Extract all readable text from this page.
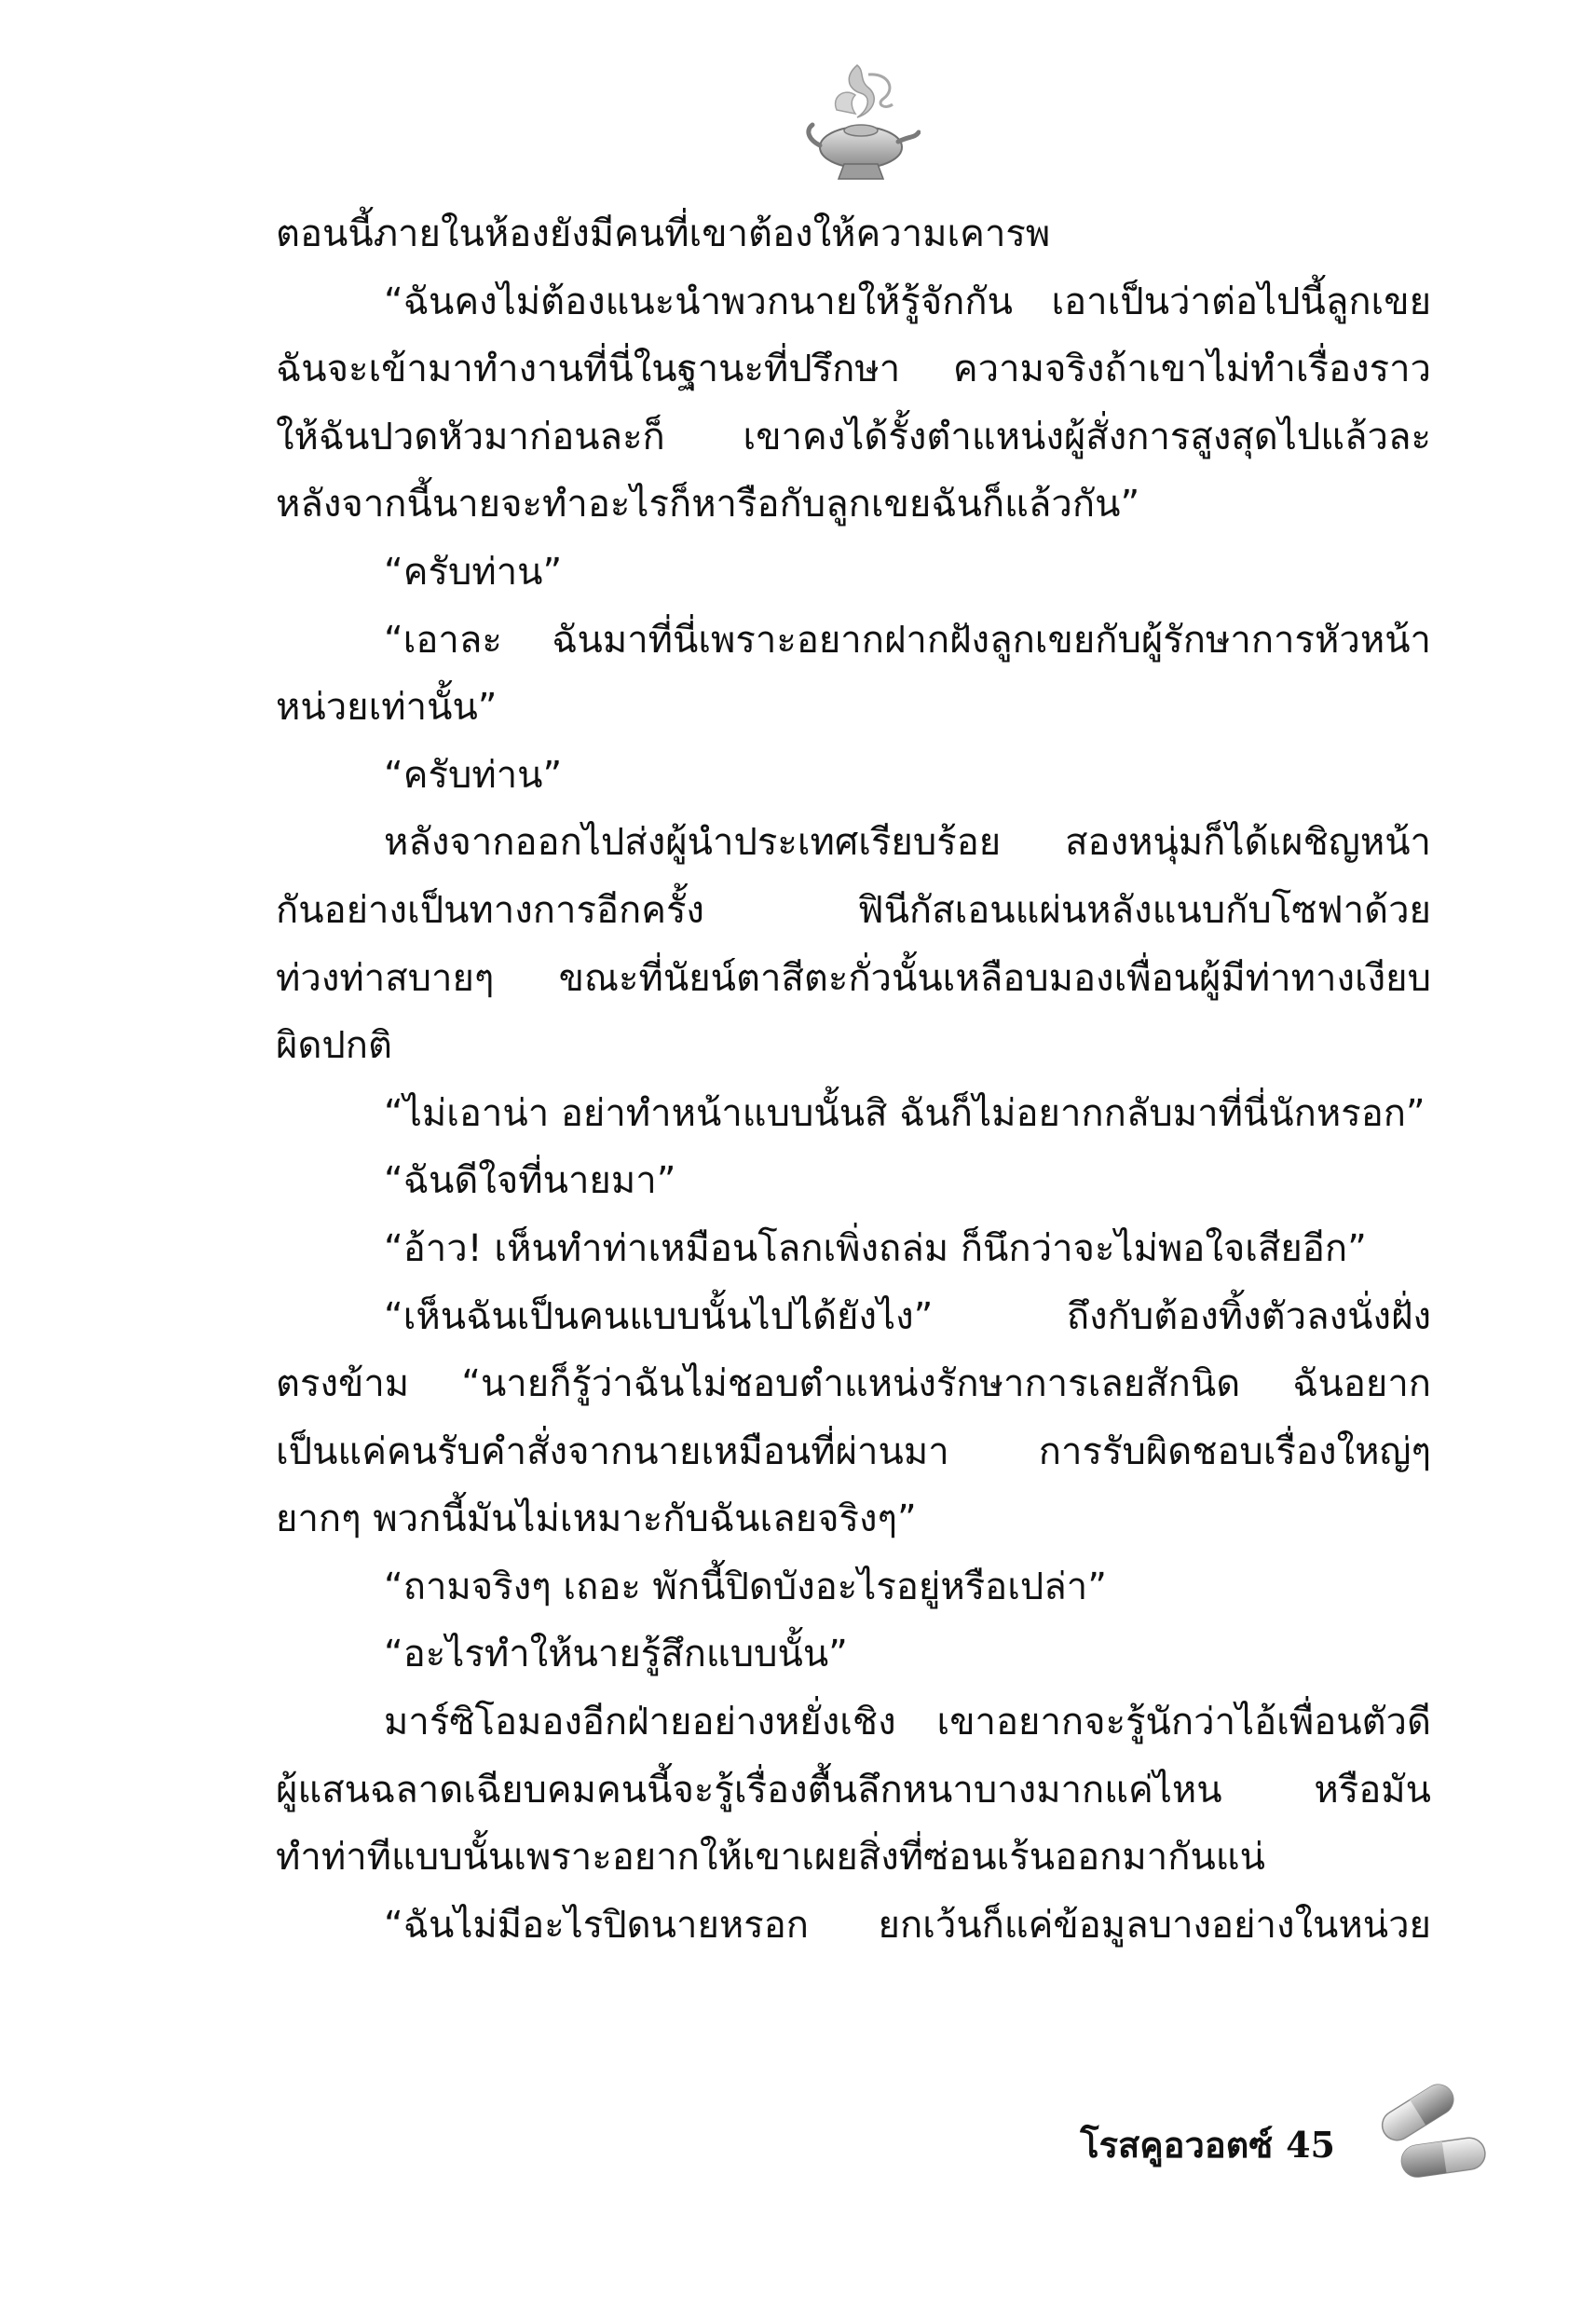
ตอนนี้ภายในห้องยังมีคนที่เขาต้องให้ความเคารพ
“ฉันคงไม่ต้องแนะนำพวกนายให้รู้จักกัน เอาเป็นว่าต่อไปนี้ลูกเขย
ฉันจะเข้ามาทำงานที่นี่ในฐานะที่ปรึกษา ความจริงถ้าเขาไม่ทำเรื่องราว
ให้ฉันปวดหัวมาก่อนละก็ เขาคงได้รั้งตำแหน่งผู้สั่งการสูงสุดไปแล้วละ
หลังจากนี้นายจะทำอะไรก็หารือกับลูกเขยฉันก็แล้วกัน”
“ครับท่าน”
“เอาละ ฉันมาที่นี่เพราะอยากฝากฝังลูกเขยกับผู้รักษาการหัวหน้า
หน่วยเท่านั้น”
“ครับท่าน”
หลังจากออกไปส่งผู้นำประเทศเรียบร้อย สองหนุ่มก็ได้เผชิญหน้า
กันอย่างเป็นทางการอีกครั้ง ฟินีกัสเอนแผ่นหลังแนบกับโซฟาด้วย
ท่วงท่าสบายๆ ขณะที่นัยน์ตาสีตะกั่วนั้นเหลือบมองเพื่อนผู้มีท่าทางเงียบ
ผิดปกติ
“ไม่เอาน่า อย่าทำหน้าแบบนั้นสิ ฉันก็ไม่อยากกลับมาที่นี่นักหรอก”
“ฉันดีใจที่นายมา”
“อ้าว! เห็นทำท่าเหมือนโลกเพิ่งถล่ม ก็นึกว่าจะไม่พอใจเสียอีก”
“เห็นฉันเป็นคนแบบนั้นไปได้ยังไง” ถึงกับต้องทิ้งตัวลงนั่งฝั่ง
ตรงข้าม “นายก็รู้ว่าฉันไม่ชอบตำแหน่งรักษาการเลยสักนิด ฉันอยาก
เป็นแค่คนรับคำสั่งจากนายเหมือนที่ผ่านมา การรับผิดชอบเรื่องใหญ่ๆ
ยากๆ พวกนี้มันไม่เหมาะกับฉันเลยจริงๆ”
“ถามจริงๆ เถอะ พักนี้ปิดบังอะไรอยู่หรือเปล่า”
“อะไรทำให้นายรู้สึกแบบนั้น”
มาร์ซิโอมองอีกฝ่ายอย่างหยั่งเชิง เขาอยากจะรู้นักว่าไอ้เพื่อนตัวดี
ผู้แสนฉลาดเฉียบคมคนนี้จะรู้เรื่องตื้นลึกหนาบางมากแค่ไหน หรือมัน
ทำท่าทีแบบนั้นเพราะอยากให้เขาเผยสิ่งที่ซ่อนเร้นออกมากันแน่
“ฉันไม่มีอะไรปิดนายหรอก ยกเว้นก็แค่ข้อมูลบางอย่างในหน่วย
โรสคูอวอตซ์ 45
